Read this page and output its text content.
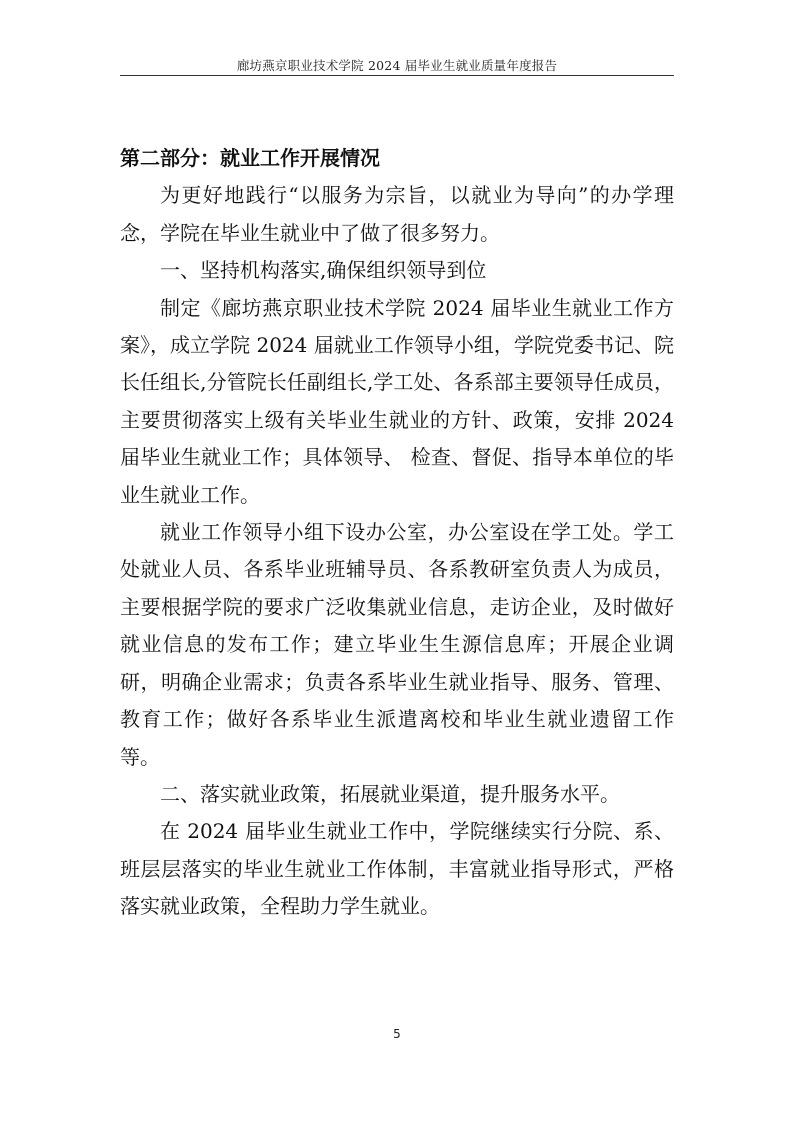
廊坊燕京职业技术学院 2024 届毕业生就业质量年度报告

第二部分：就业工作开展情况

为更好地践行“以服务为宗旨，以就业为导向”的办学理念，学院在毕业生就业中了做了很多努力。

一、坚持机构落实,确保组织领导到位

制定《廊坊燕京职业技术学院 2024 届毕业生就业工作方案》，成立学院 2024 届就业工作领导小组，学院党委书记、院长任组长,分管院长任副组长,学工处、各系部主要领导任成员，主要贯彻落实上级有关毕业生就业的方针、政策，安排 2024 届毕业生就业工作；具体领导、 检查、督促、指导本单位的毕业生就业工作。

就业工作领导小组下设办公室，办公室设在学工处。学工处就业人员、各系毕业班辅导员、各系教研室负责人为成员，主要根据学院的要求广泛收集就业信息，走访企业，及时做好就业信息的发布工作；建立毕业生生源信息库；开展企业调研，明确企业需求；负责各系毕业生就业指导、服务、管理、教育工作；做好各系毕业生派遣离校和毕业生就业遗留工作等。

二、落实就业政策，拓展就业渠道，提升服务水平。

在 2024 届毕业生就业工作中，学院继续实行分院、系、班层层落实的毕业生就业工作体制，丰富就业指导形式，严格落实就业政策，全程助力学生就业。

5
